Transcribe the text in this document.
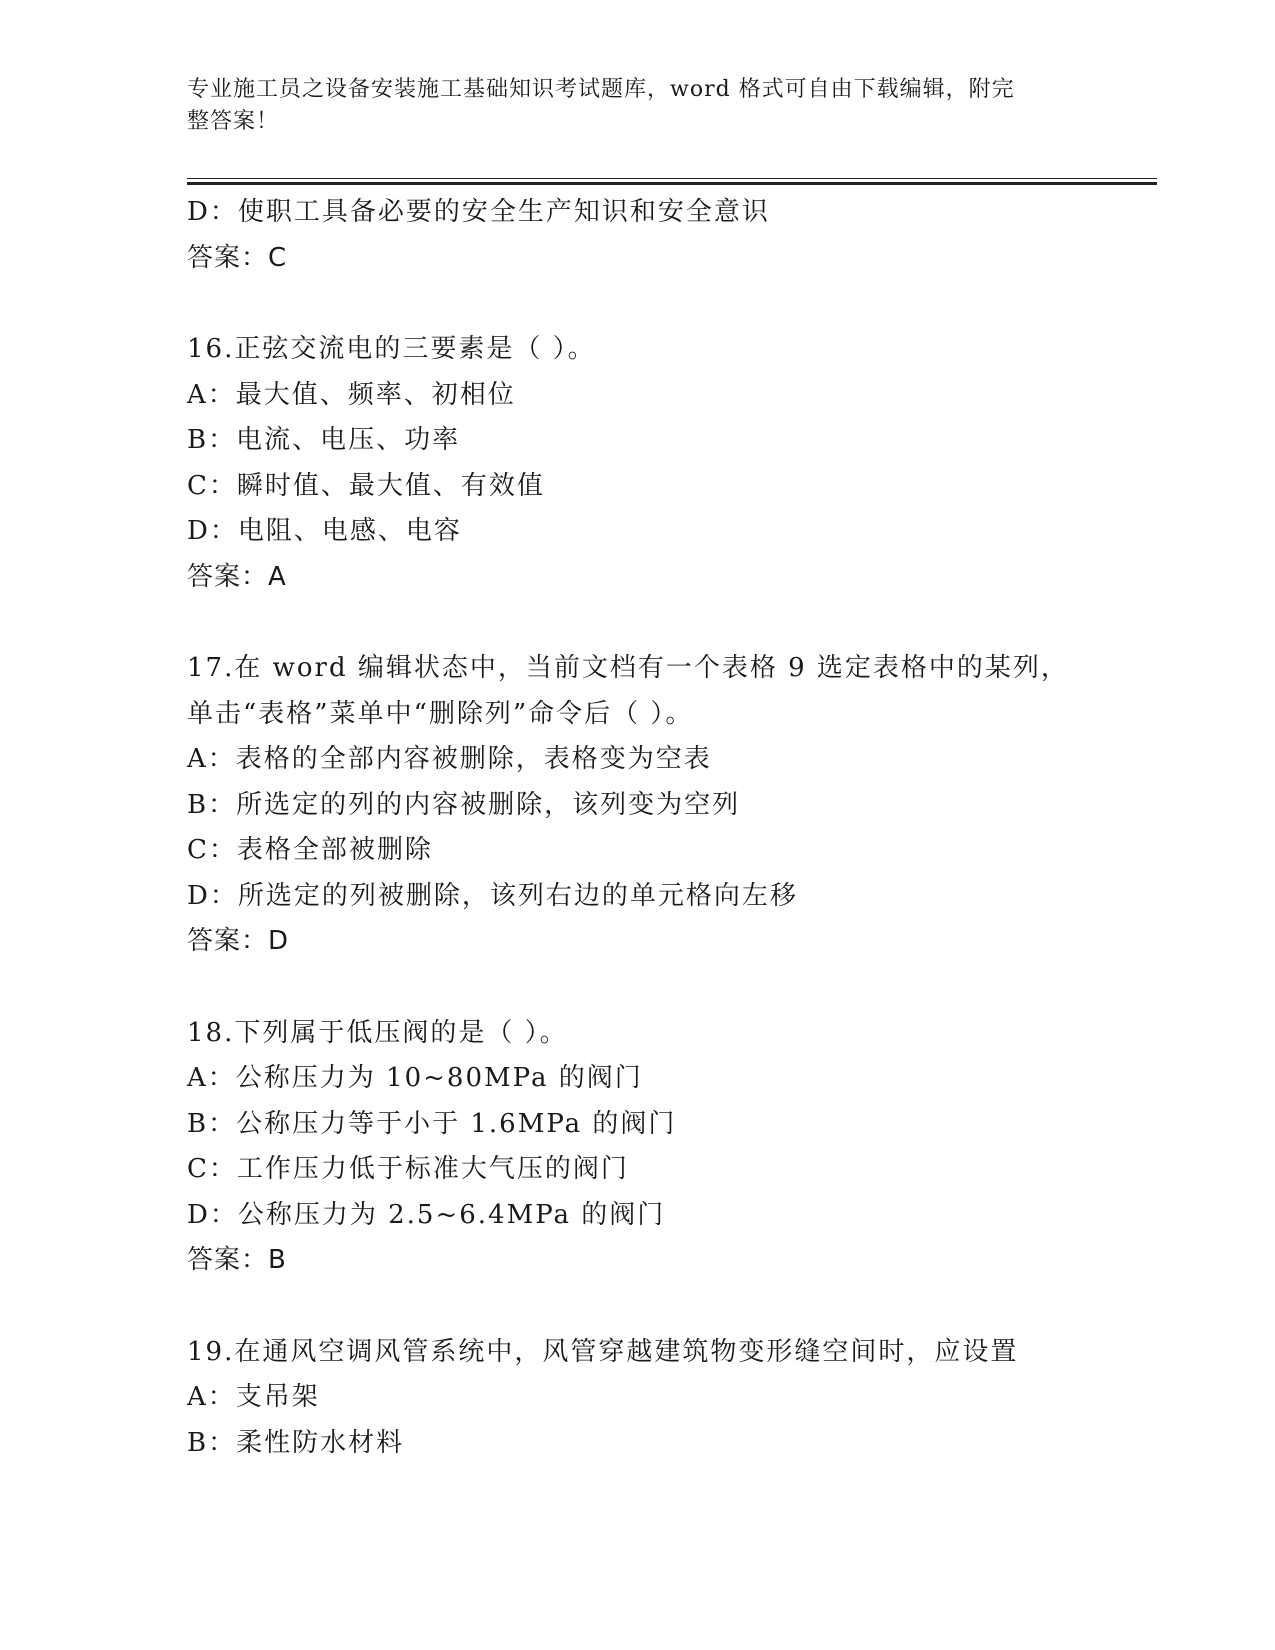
专业施工员之设备安装施工基础知识考试题库，word 格式可自由下载编辑，附完
整答案！
D：使职工具备必要的安全生产知识和安全意识
答案：C
16.正弦交流电的三要素是（ ）。
A：最大值、频率、初相位
B：电流、电压、功率
C：瞬时值、最大值、有效值
D：电阻、电感、电容
答案：A
17.在 word 编辑状态中，当前文档有一个表格 9 选定表格中的某列，
单击“表格”菜单中“删除列”命令后（ ）。
A：表格的全部内容被删除，表格变为空表
B：所选定的列的内容被删除，该列变为空列
C：表格全部被删除
D：所选定的列被删除，该列右边的单元格向左移
答案：D
18.下列属于低压阀的是（ ）。
A：公称压力为 10~80MPa 的阀门
B：公称压力等于小于 1.6MPa 的阀门
C：工作压力低于标准大气压的阀门
D：公称压力为 2.5~6.4MPa 的阀门
答案：B
19.在通风空调风管系统中，风管穿越建筑物变形缝空间时，应设置
A：支吊架
B：柔性防水材料
